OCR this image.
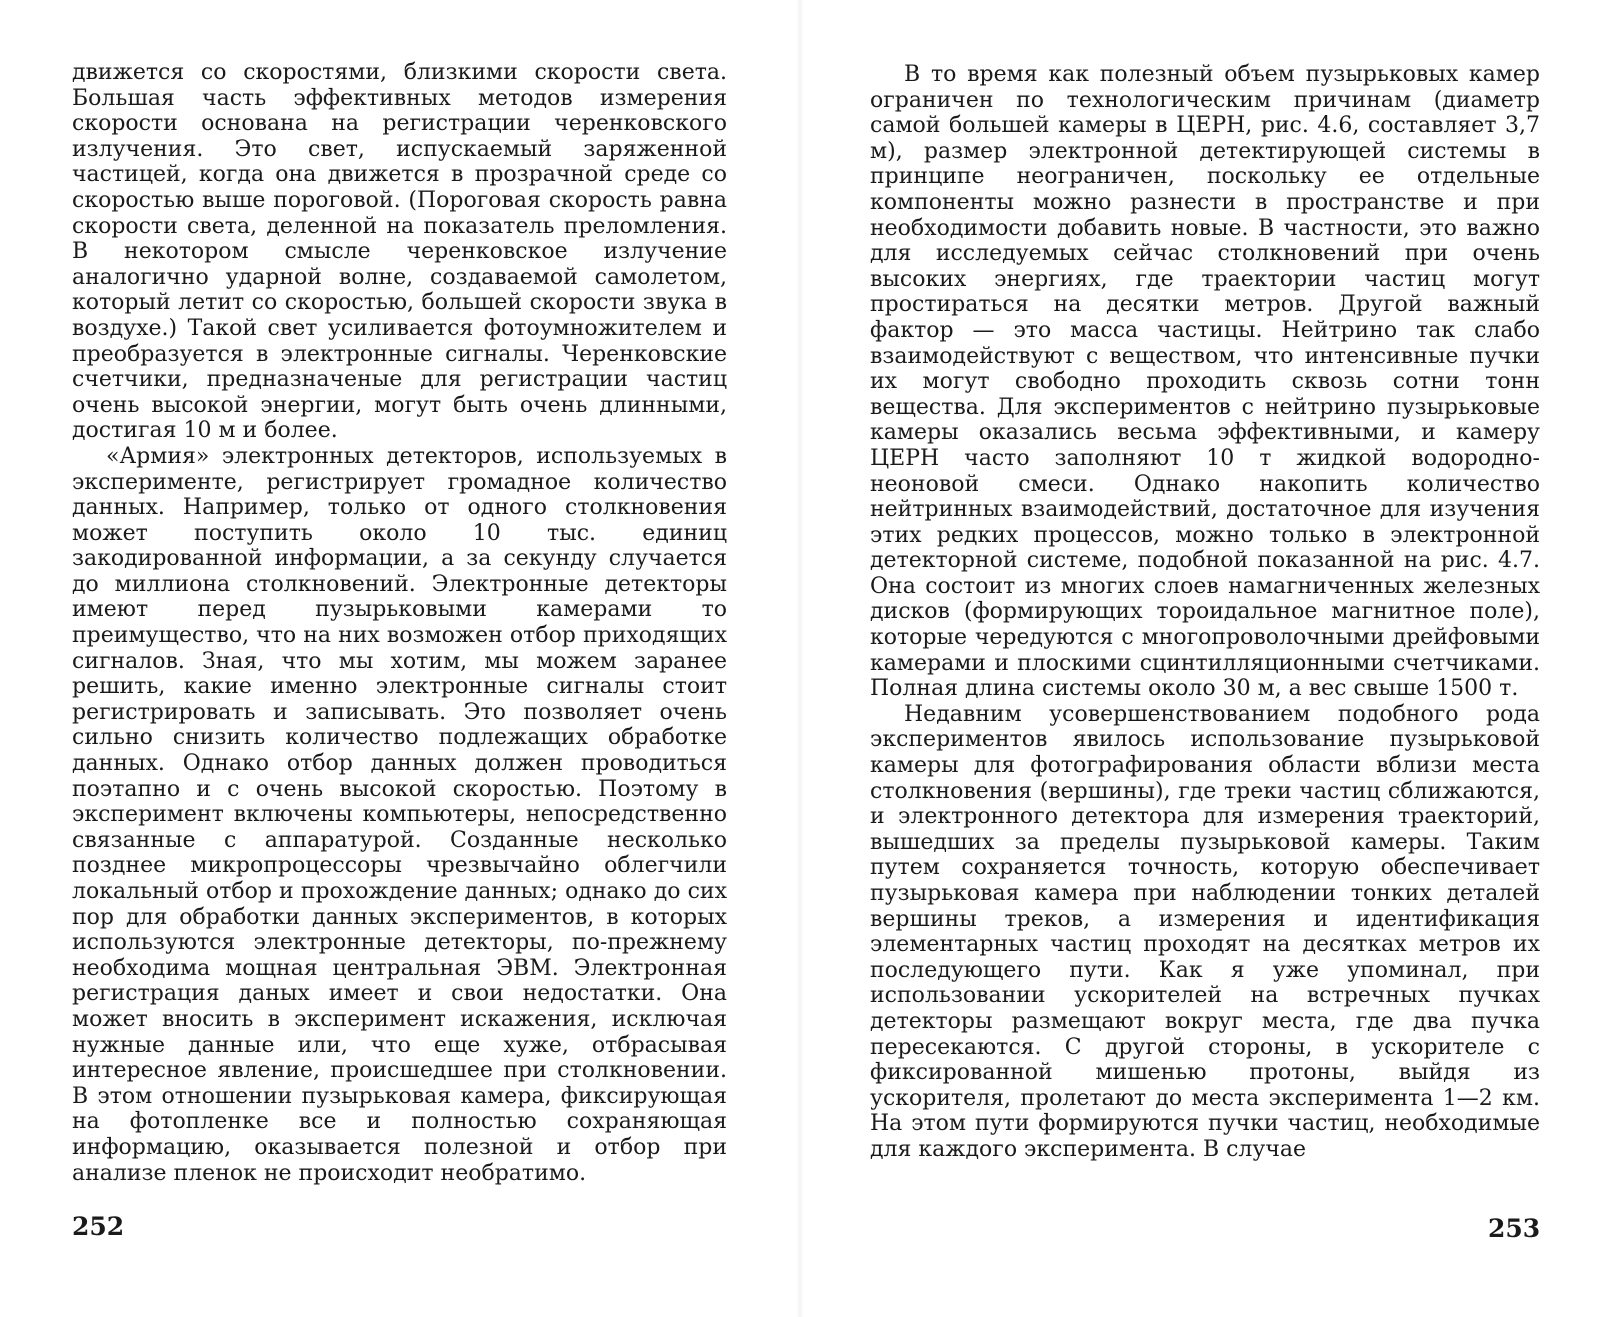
движется со скоростями, близкими скорости света. Большая часть эффективных методов измерения скорости основана на регистрации черенковского излучения. Это свет, испускаемый заряженной частицей, когда она движется в прозрачной среде со скоростью выше пороговой. (Пороговая скорость равна скорости света, деленной на показатель преломления. В некотором смысле черенковское излучение аналогично ударной волне, создаваемой самолетом, который летит со скоростью, большей скорости звука в воздухе.) Такой свет усиливается фотоумножителем и преобразуется в электронные сигналы. Черенковские счетчики, предназначеные для регистрации частиц очень высокой энергии, могут быть очень длинными, достигая 10 м и более.

«Армия» электронных детекторов, используемых в эксперименте, регистрирует громадное количество данных. Например, только от одного столкновения может поступить около 10 тыс. единиц закодированной информации, а за секунду случается до миллиона столкновений. Электронные детекторы имеют перед пузырьковыми камерами то преимущество, что на них возможен отбор приходящих сигналов. Зная, что мы хотим, мы можем заранее решить, какие именно электронные сигналы стоит регистрировать и записывать. Это позволяет очень сильно снизить количество подлежащих обработке данных. Однако отбор данных должен проводиться поэтапно и с очень высокой скоростью. Поэтому в эксперимент включены компьютеры, непосредственно связанные с аппаратурой. Созданные несколько позднее микропроцессоры чрезвычайно облегчили локальный отбор и прохождение данных; однако до сих пор для обработки данных экспериментов, в которых используются электронные детекторы, по-прежнему необходима мощная центральная ЭВМ. Электронная регистрация даных имеет и свои недостатки. Она может вносить в эксперимент искажения, исключая нужные данные или, что еще хуже, отбрасывая интересное явление, происшедшее при столкновении. В этом отношении пузырьковая камера, фиксирующая на фотопленке все и полностью сохраняющая информацию, оказывается полезной и отбор при анализе пленок не происходит необратимо.

252

В то время как полезный объем пузырьковых камер ограничен по технологическим причинам (диаметр самой большей камеры в ЦЕРН, рис. 4.6, составляет 3,7 м), размер электронной детектирующей системы в принципе неограничен, поскольку ее отдельные компоненты можно разнести в пространстве и при необходимости добавить новые. В частности, это важно для исследуемых сейчас столкновений при очень высоких энергиях, где траектории частиц могут простираться на десятки метров. Другой важный фактор — это масса частицы. Нейтрино так слабо взаимодействуют с веществом, что интенсивные пучки их могут свободно проходить сквозь сотни тонн вещества. Для экспериментов с нейтрино пузырьковые камеры оказались весьма эффективными, и камеру ЦЕРН часто заполняют 10 т жидкой водородно-неоновой смеси. Однако накопить количество нейтринных взаимодействий, достаточное для изучения этих редких процессов, можно только в электронной детекторной системе, подобной показанной на рис. 4.7. Она состоит из многих слоев намагниченных железных дисков (формирующих тороидальное магнитное поле), которые чередуются с многопроволочными дрейфовыми камерами и плоскими сцинтилляционными счетчиками. Полная длина системы около 30 м, а вес свыше 1500 т.

Недавним усовершенствованием подобного рода экспериментов явилось использование пузырьковой камеры для фотографирования области вблизи места столкновения (вершины), где треки частиц сближаются, и электронного детектора для измерения траекторий, вышедших за пределы пузырьковой камеры. Таким путем сохраняется точность, которую обеспечивает пузырьковая камера при наблюдении тонких деталей вершины треков, а измерения и идентификация элементарных частиц проходят на десятках метров их последующего пути. Как я уже упоминал, при использовании ускорителей на встречных пучках детекторы размещают вокруг места, где два пучка пересекаются. С другой стороны, в ускорителе с фиксированной мишенью протоны, выйдя из ускорителя, пролетают до места эксперимента 1—2 км. На этом пути формируются пучки частиц, необходимые для каждого эксперимента. В случае

253
